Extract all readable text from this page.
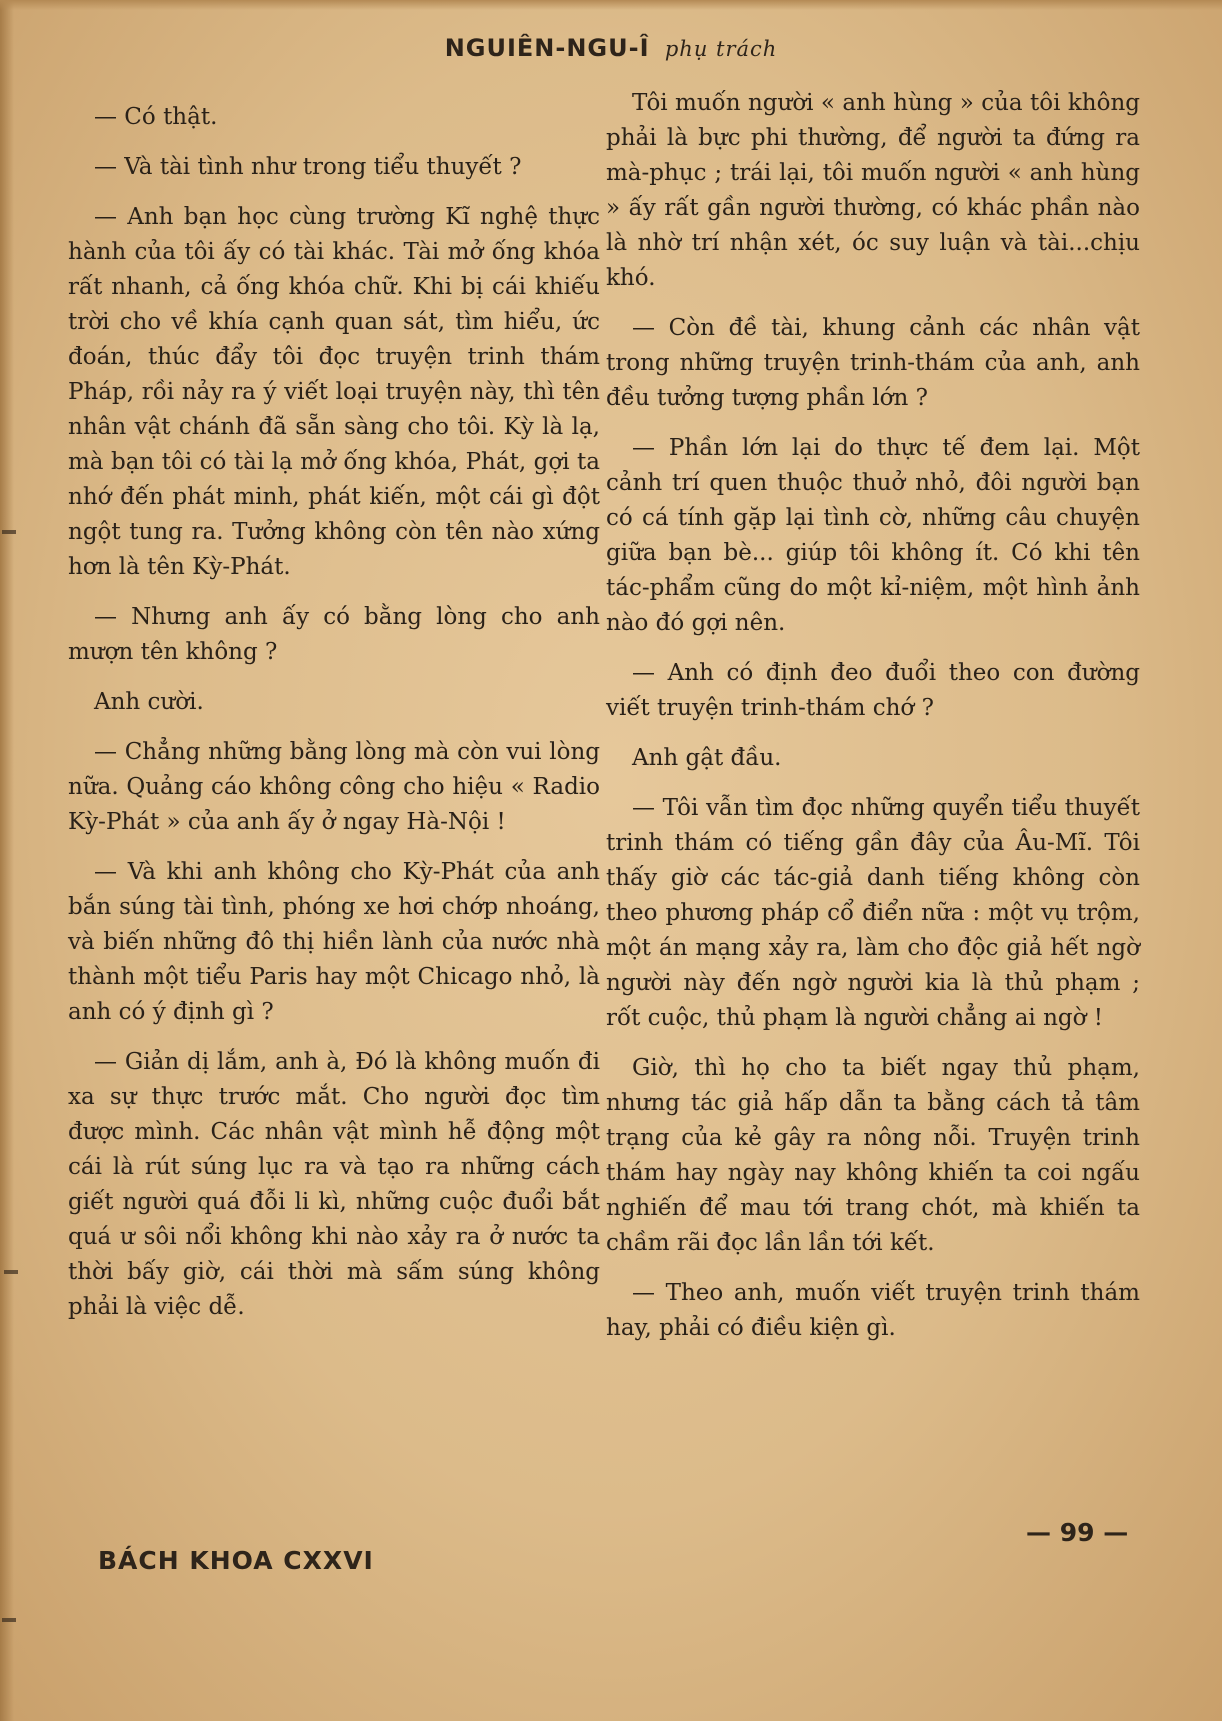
NGUIÊN-NGU-Î phụ trách

— Có thật.

— Và tài tình như trong tiểu thuyết ?

— Anh bạn học cùng trường Kĩ nghệ thực hành của tôi ấy có tài khác. Tài mở ống khóa rất nhanh, cả ống khóa chữ. Khi bị cái khiếu trời cho về khía cạnh quan sát, tìm hiểu, ức đoán, thúc đẩy tôi đọc truyện trinh thám Pháp, rồi nảy ra ý viết loại truyện này, thì tên nhân vật chánh đã sẵn sàng cho tôi. Kỳ là lạ, mà bạn tôi có tài lạ mở ống khóa, Phát, gợi ta nhớ đến phát minh, phát kiến, một cái gì đột ngột tung ra. Tưởng không còn tên nào xứng hơn là tên Kỳ-Phát.

— Nhưng anh ấy có bằng lòng cho anh mượn tên không ?

Anh cười.

— Chẳng những bằng lòng mà còn vui lòng nữa. Quảng cáo không công cho hiệu « Radio Kỳ-Phát » của anh ấy ở ngay Hà-Nội !

— Và khi anh không cho Kỳ-Phát của anh bắn súng tài tình, phóng xe hơi chớp nhoáng, và biến những đô thị hiền lành của nước nhà thành một tiểu Paris hay một Chicago nhỏ, là anh có ý định gì ?

— Giản dị lắm, anh à, Đó là không muốn đi xa sự thực trước mắt. Cho người đọc tìm được mình. Các nhân vật mình hễ động một cái là rút súng lục ra và tạo ra những cách giết người quá đỗi li kì, những cuộc đuổi bắt quá ư sôi nổi không khi nào xảy ra ở nước ta thời bấy giờ, cái thời mà sấm súng không phải là việc dễ.

Tôi muốn người « anh hùng » của tôi không phải là bực phi thường, để người ta đứng ra mà-phục ; trái lại, tôi muốn người « anh hùng » ấy rất gần người thường, có khác phần nào là nhờ trí nhận xét, óc suy luận và tài...chịu khó.

— Còn đề tài, khung cảnh các nhân vật trong những truyện trinh-thám của anh, anh đều tưởng tượng phần lớn ?

— Phần lớn lại do thực tế đem lại. Một cảnh trí quen thuộc thuở nhỏ, đôi người bạn có cá tính gặp lại tình cờ, những câu chuyện giữa bạn bè... giúp tôi không ít. Có khi tên tác-phẩm cũng do một kỉ-niệm, một hình ảnh nào đó gợi nên.

— Anh có định đeo đuổi theo con đường viết truyện trinh-thám chớ ?

Anh gật đầu.

— Tôi vẫn tìm đọc những quyển tiểu thuyết trinh thám có tiếng gần đây của Âu-Mĩ. Tôi thấy giờ các tác-giả danh tiếng không còn theo phương pháp cổ điển nữa : một vụ trộm, một án mạng xảy ra, làm cho độc giả hết ngờ người này đến ngờ người kia là thủ phạm ; rốt cuộc, thủ phạm là người chẳng ai ngờ !

Giờ, thì họ cho ta biết ngay thủ phạm, nhưng tác giả hấp dẫn ta bằng cách tả tâm trạng của kẻ gây ra nông nỗi. Truyện trinh thám hay ngày nay không khiến ta coi ngấu nghiến để mau tới trang chót, mà khiến ta chầm rãi đọc lần lần tới kết.

— Theo anh, muốn viết truyện trinh thám hay, phải có điều kiện gì.

BÁCH KHOA CXXVI
— 99 —
